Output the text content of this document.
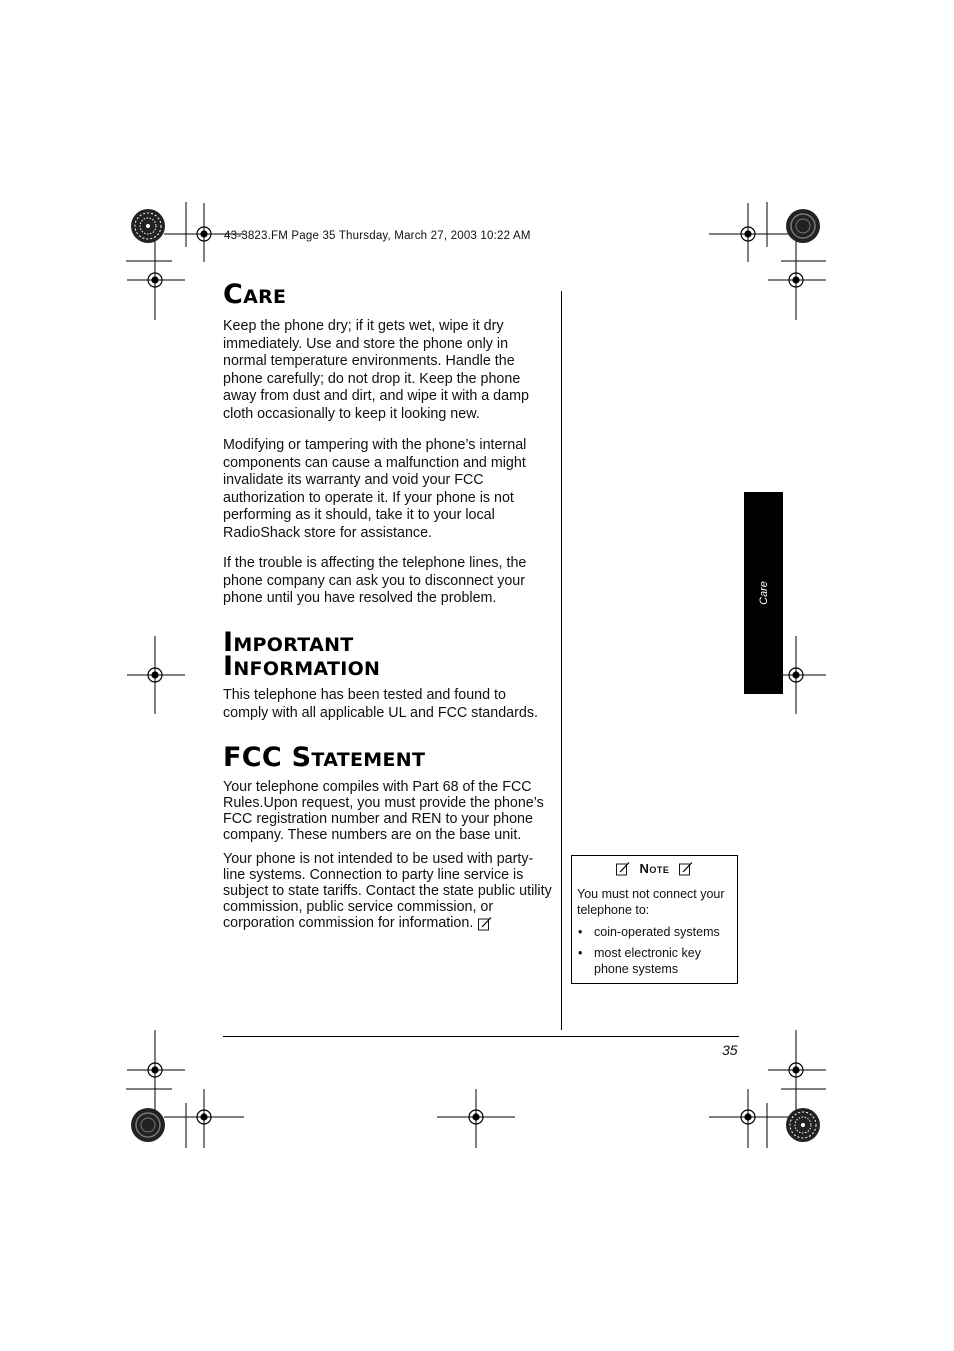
43-3823.FM Page 35 Thursday, March 27, 2003 10:22 AM
Care

Keep the phone dry; if it gets wet, wipe it dry immediately. Use and store the phone only in normal temperature environments. Handle the phone carefully; do not drop it. Keep the phone away from dust and dirt, and wipe it with a damp cloth occasionally to keep it looking new.

Modifying or tampering with the phone’s internal components can cause a malfunction and might invalidate its warranty and void your FCC authorization to operate it. If your phone is not performing as it should, take it to your local RadioShack store for assistance.

If the trouble is affecting the telephone lines, the phone company can ask you to disconnect your phone until you have resolved the problem.

Important
Information

This telephone has been tested and found to comply with all applicable UL and FCC standards.

FCC Statement

Your telephone compiles with Part 68 of the FCC Rules.Upon request, you must provide the phone’s FCC registration number and REN to your phone company. These numbers are on the base unit.

Your phone is not intended to be used with party-line systems. Connection to party line service is subject to state tariffs. Contact the state public utility commission, public service commission, or corporation commission for information.

35
Care
Note

You must not connect your telephone to:

• coin-operated systems
• most electronic key phone systems
